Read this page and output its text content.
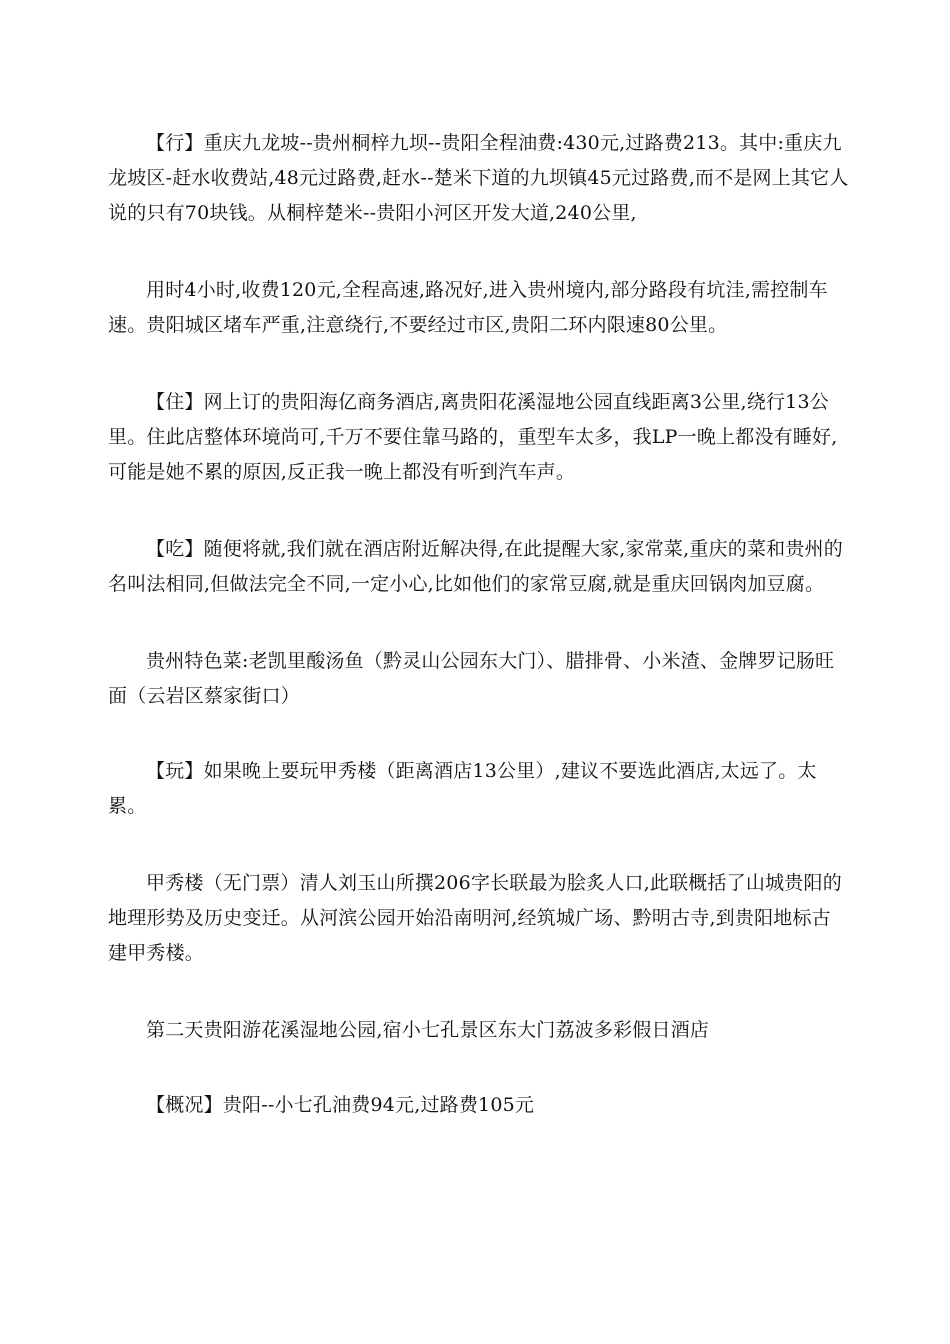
【行】重庆九龙坡--贵州桐梓九坝--贵阳全程油费:430元,过路费213。其中:重庆九龙坡区-赶水收费站,48元过路费,赶水--楚米下道的九坝镇45元过路费,而不是网上其它人说的只有70块钱。从桐梓楚米--贵阳小河区开发大道,240公里,

用时4小时,收费120元,全程高速,路况好,进入贵州境内,部分路段有坑洼,需控制车速。贵阳城区堵车严重,注意绕行,不要经过市区,贵阳二环内限速80公里。

【住】网上订的贵阳海亿商务酒店,离贵阳花溪湿地公园直线距离3公里,绕行13公里。住此店整体环境尚可,千万不要住靠马路的，重型车太多，我LP一晚上都没有睡好,可能是她不累的原因,反正我一晚上都没有听到汽车声。

【吃】随便将就,我们就在酒店附近解决得,在此提醒大家,家常菜,重庆的菜和贵州的名叫法相同,但做法完全不同,一定小心,比如他们的家常豆腐,就是重庆回锅肉加豆腐。

贵州特色菜:老凯里酸汤鱼（黔灵山公园东大门）、腊排骨、小米渣、金牌罗记肠旺面（云岩区蔡家街口）

【玩】如果晚上要玩甲秀楼（距离酒店13公里）,建议不要选此酒店,太远了。太累。

甲秀楼（无门票）清人刘玉山所撰206字长联最为脍炙人口,此联概括了山城贵阳的地理形势及历史变迁。从河滨公园开始沿南明河,经筑城广场、黔明古寺,到贵阳地标古建甲秀楼。

第二天贵阳游花溪湿地公园,宿小七孔景区东大门荔波多彩假日酒店

【概况】贵阳--小七孔油费94元,过路费105元
